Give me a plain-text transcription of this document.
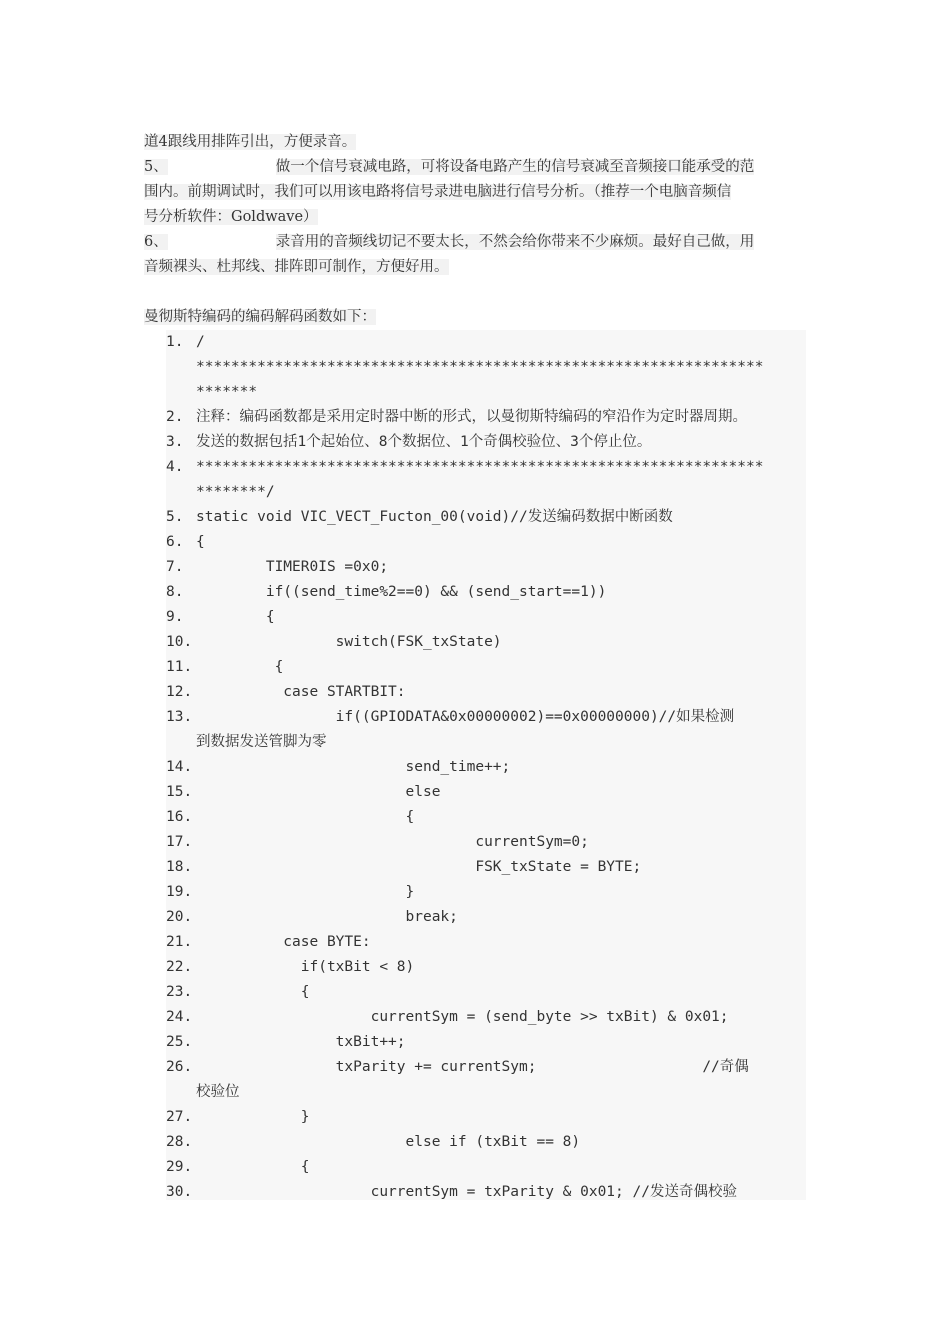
道4跟线用排阵引出，方便录音。
5、	做一个信号衰减电路，可将设备电路产生的信号衰减至音频接口能承受的范
围内。前期调试时，我们可以用该电路将信号录进电脑进行信号分析。（推荐一个电脑音频信
号分析软件：Goldwave）
6、	录音用的音频线切记不要太长，不然会给你带来不少麻烦。最好自己做，用
音频裸头、杜邦线、排阵即可制作，方便好用。
曼彻斯特编码的编码解码函数如下：
1. /
*****************************************************************
*******
2. 注释：编码函数都是采用定时器中断的形式，以曼彻斯特编码的窄沿作为定时器周期。
3. 发送的数据包括1个起始位、8个数据位、1个奇偶校验位、3个停止位。
4. *****************************************************************
********/
5. static void VIC_VECT_Fucton_00(void)//发送编码数据中断函数
6. {
7.        TIMER0IS =0x0;
8.        if((send_time%2==0) && (send_start==1))
9.        {
10.                switch(FSK_txState)
11.         {
12.          case STARTBIT:
13.                if((GPIODATA&0x00000002)==0x00000000)//如果检测
到数据发送管脚为零
14.                        send_time++;
15.                        else
16.                        {
17.                                currentSym=0;
18.                                FSK_txState = BYTE;
19.                        }
20.                        break;
21.          case BYTE:
22.            if(txBit < 8)
23.            {
24.                    currentSym = (send_byte >> txBit) & 0x01;
25.                txBit++;
26.                txParity += currentSym;                   //奇偶
校验位
27.            }
28.                        else if (txBit == 8)
29.            {
30.                    currentSym = txParity & 0x01; //发送奇偶校验
